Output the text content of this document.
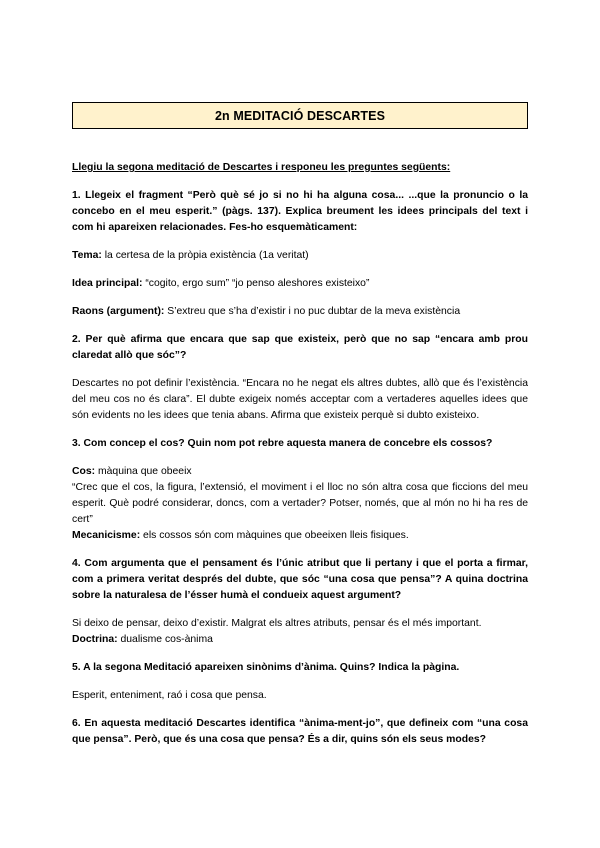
2n MEDITACIÓ DESCARTES

Llegiu la segona meditació de Descartes i responeu les preguntes següents:

1. Llegeix el fragment “Però què sé jo si no hi ha alguna cosa... ...que la pronuncio o la concebo en el meu esperit.” (pàgs. 137). Explica breument les idees principals del text i com hi apareixen relacionades. Fes-ho esquemàticament:

Tema: la certesa de la pròpia existència (1a veritat)

Idea principal: “cogito, ergo sum” “jo penso aleshores existeixo”

Raons (argument): S’extreu que s’ha d’existir i no puc dubtar de la meva existència

2. Per què afirma que encara que sap que existeix, però que no sap “encara amb prou claredat allò que sóc”?

Descartes no pot definir l’existència. “Encara no he negat els altres dubtes, allò que és l’existència del meu cos no és clara”. El dubte exigeix només acceptar com a vertaderes aquelles idees que són evidents no les idees que tenia abans. Afirma que existeix perquè si dubto existeixo.

3. Com concep el cos? Quin nom pot rebre aquesta manera de concebre els cossos?

Cos: màquina que obeeix

“Crec que el cos, la figura, l’extensió, el moviment i el lloc no són altra cosa que ficcions del meu esperit. Què podré considerar, doncs, com a vertader? Potser, només, que al món no hi ha res de cert”

Mecanicisme: els cossos són com màquines que obeeixen lleis fisiques.

4. Com argumenta que el pensament és l’únic atribut que li pertany i que el porta a firmar, com a primera veritat després del dubte, que sóc “una cosa que pensa”? A quina doctrina sobre la naturalesa de l’ésser humà el condueix aquest argument?

Si deixo de pensar, deixo d’existir. Malgrat els altres atributs, pensar és el més important.

Doctrina: dualisme cos-ànima

5. A la segona Meditació apareixen sinònims d’ànima. Quins? Indica la pàgina.

Esperit, enteniment, raó i cosa que pensa.

6. En aquesta meditació Descartes identifica “ànima-ment-jo”, que defineix com “una cosa que pensa”. Però, que és una cosa que pensa? És a dir, quins són els seus modes?
